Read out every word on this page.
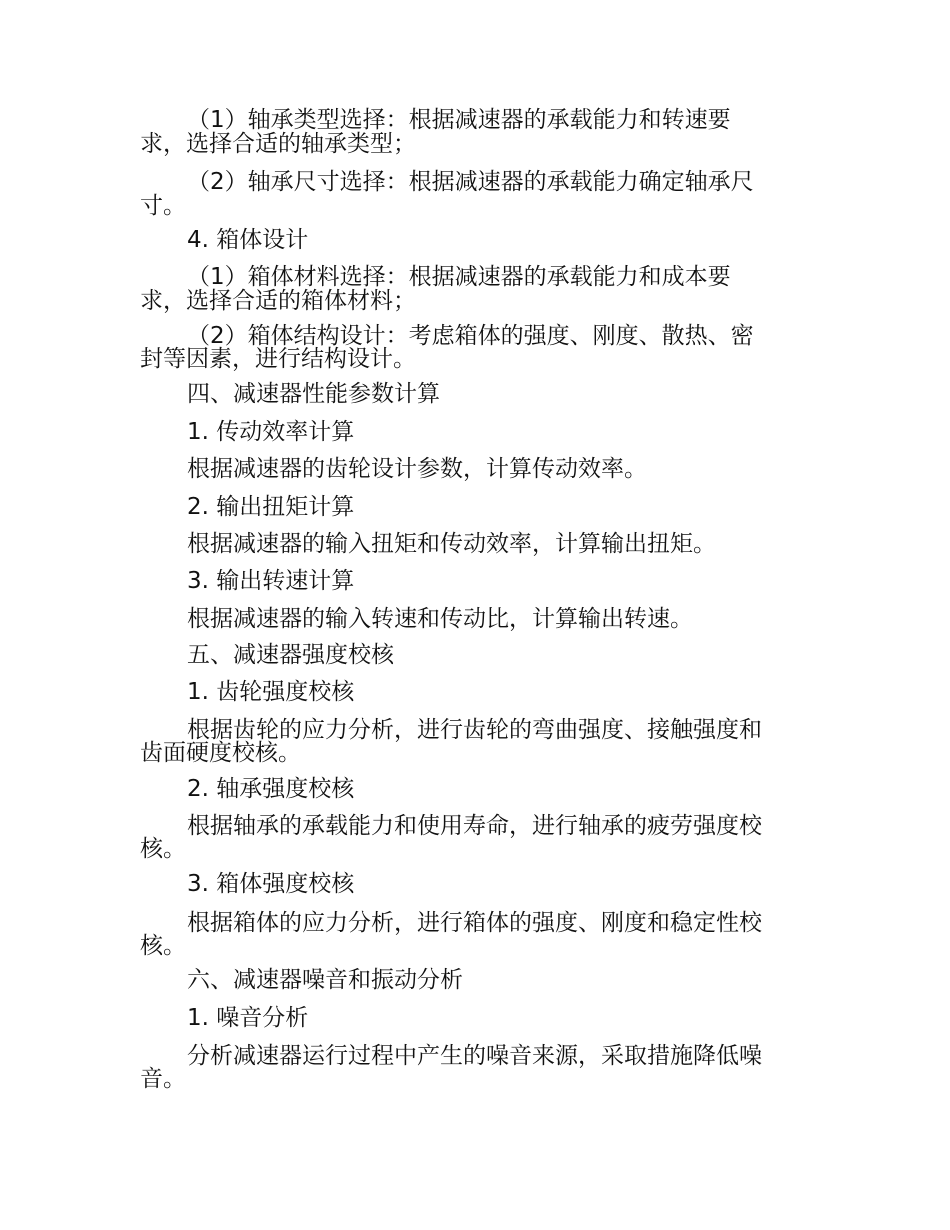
（1）轴承类型选择：根据减速器的承载能力和转速要
求，选择合适的轴承类型；
（2）轴承尺寸选择：根据减速器的承载能力确定轴承尺
寸。
4. 箱体设计
（1）箱体材料选择：根据减速器的承载能力和成本要
求，选择合适的箱体材料；
（2）箱体结构设计：考虑箱体的强度、刚度、散热、密
封等因素，进行结构设计。
四、减速器性能参数计算
1. 传动效率计算
根据减速器的齿轮设计参数，计算传动效率。
2. 输出扭矩计算
根据减速器的输入扭矩和传动效率，计算输出扭矩。
3. 输出转速计算
根据减速器的输入转速和传动比，计算输出转速。
五、减速器强度校核
1. 齿轮强度校核
根据齿轮的应力分析，进行齿轮的弯曲强度、接触强度和
齿面硬度校核。
2. 轴承强度校核
根据轴承的承载能力和使用寿命，进行轴承的疲劳强度校
核。
3. 箱体强度校核
根据箱体的应力分析，进行箱体的强度、刚度和稳定性校
核。
六、减速器噪音和振动分析
1. 噪音分析
分析减速器运行过程中产生的噪音来源，采取措施降低噪
音。
